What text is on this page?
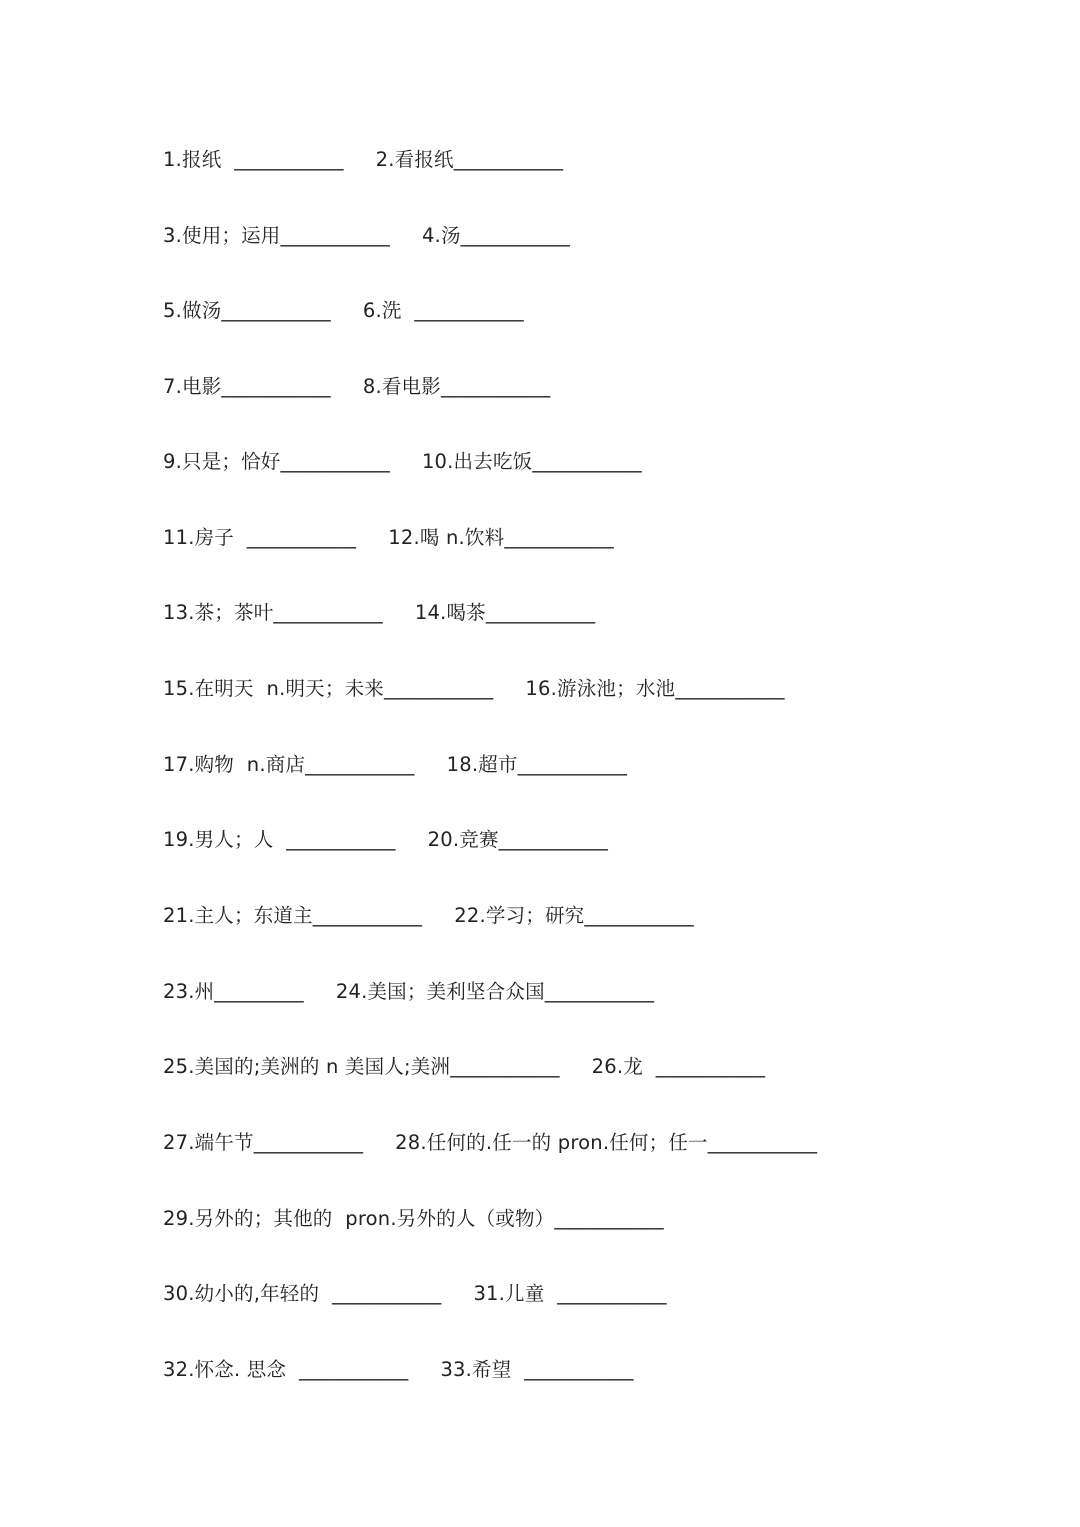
1.报纸  ___________     2.看报纸___________
3.使用；运用___________     4.汤___________
5.做汤___________     6.洗  ___________
7.电影___________     8.看电影___________
9.只是；恰好___________     10.出去吃饭___________
11.房子  ___________     12.喝 n.饮料___________
13.茶；茶叶___________     14.喝茶___________
15.在明天  n.明天；未来___________     16.游泳池；水池___________
17.购物  n.商店___________     18.超市___________
19.男人；人  ___________     20.竞赛___________
21.主人；东道主___________     22.学习；研究___________
23.州_________     24.美国；美利坚合众国___________
25.美国的;美洲的 n 美国人;美洲___________     26.龙  ___________
27.端午节___________     28.任何的.任一的 pron.任何；任一___________
29.另外的；其他的  pron.另外的人（或物）___________
30.幼小的,年轻的  ___________     31.儿童  ___________
32.怀念. 思念  ___________     33.希望  ___________
